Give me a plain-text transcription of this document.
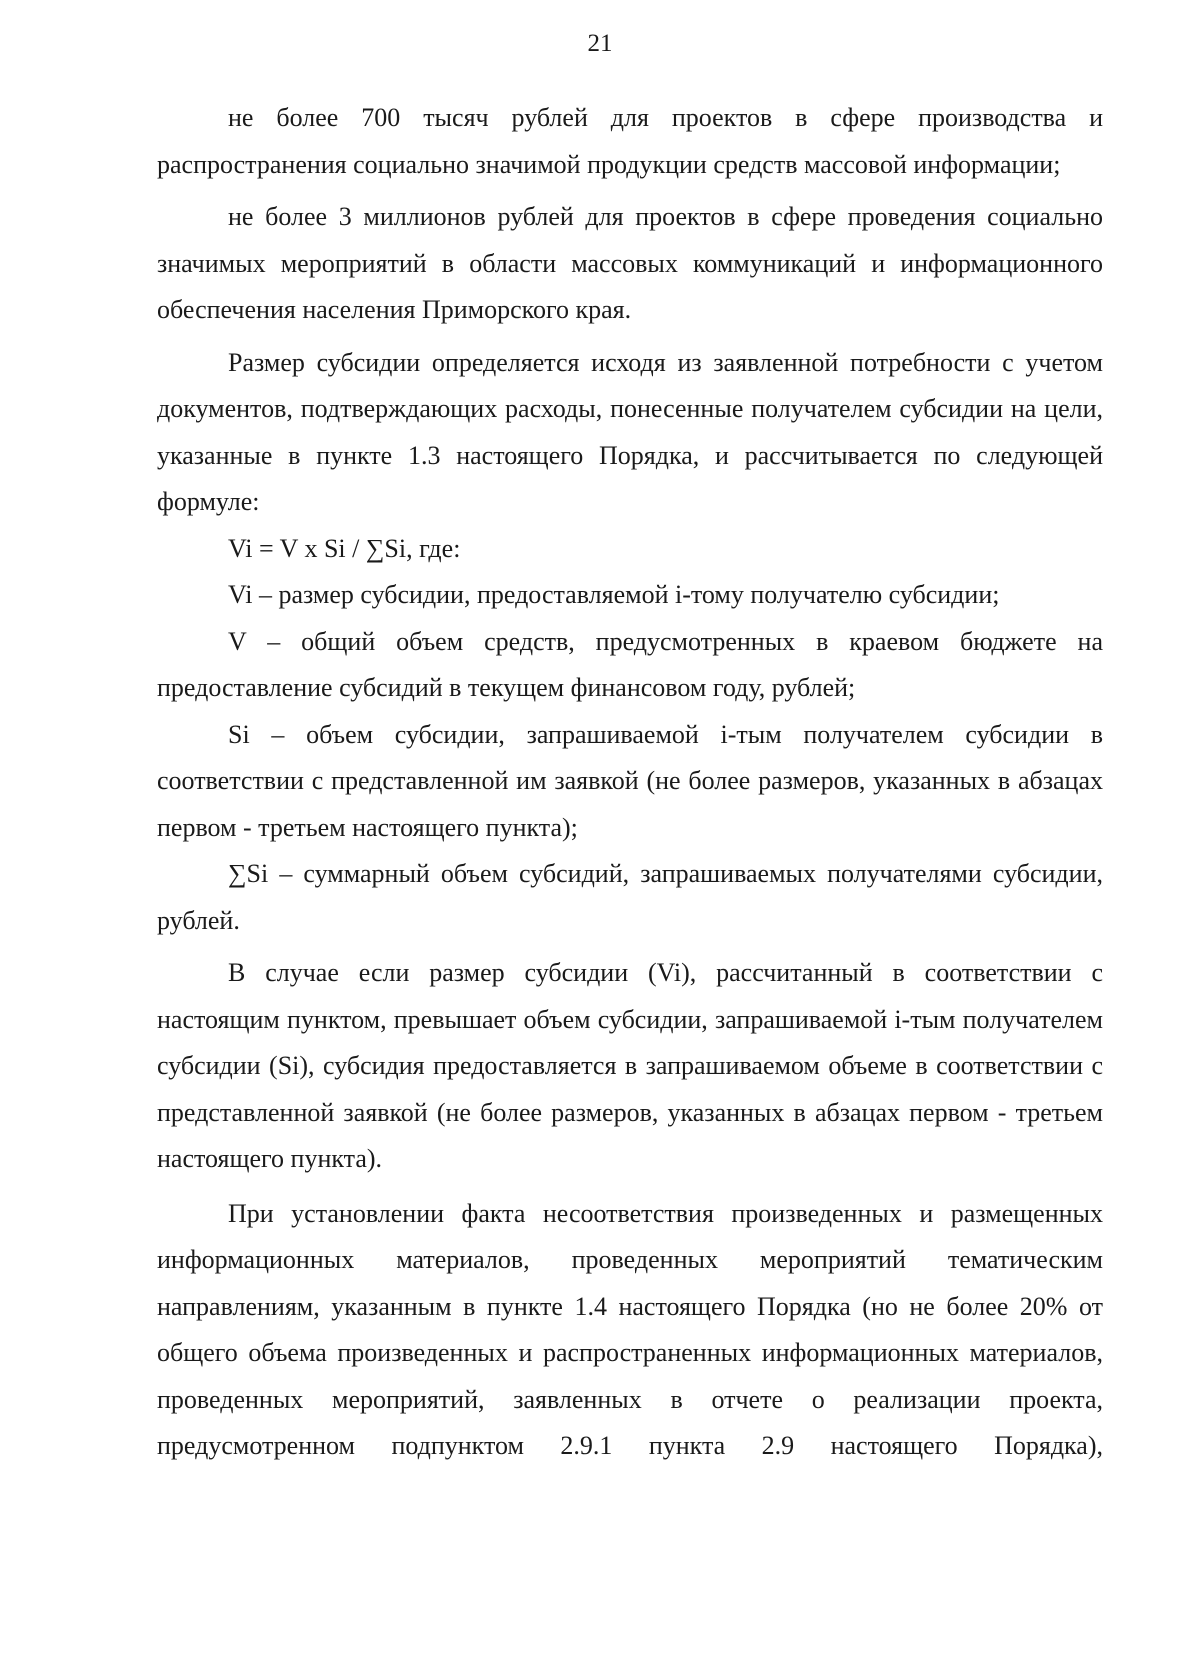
21

не более 700 тысяч рублей для проектов в сфере производства и распространения социально значимой продукции средств массовой информации;

не более 3 миллионов рублей для проектов в сфере проведения социально значимых мероприятий в области массовых коммуникаций и информационного обеспечения населения Приморского края.

Размер субсидии определяется исходя из заявленной потребности с учетом документов, подтверждающих расходы, понесенные получателем субсидии на цели, указанные в пункте 1.3 настоящего Порядка, и рассчитывается по следующей формуле:

Vi = V x Si / ∑Si, где:

Vi – размер субсидии, предоставляемой i-тому получателю субсидии;

V – общий объем средств, предусмотренных в краевом бюджете на предоставление субсидий в текущем финансовом году, рублей;

Si – объем субсидии, запрашиваемой i-тым получателем субсидии в соответствии с представленной им заявкой (не более размеров, указанных в абзацах первом - третьем настоящего пункта);

∑Si – суммарный объем субсидий, запрашиваемых получателями субсидии, рублей.

В случае если размер субсидии (Vi), рассчитанный в соответствии с настоящим пунктом, превышает объем субсидии, запрашиваемой i-тым получателем субсидии (Si), субсидия предоставляется в запрашиваемом объеме в соответствии с представленной заявкой (не более размеров, указанных в абзацах первом - третьем настоящего пункта).

При установлении факта несоответствия произведенных и размещенных информационных материалов, проведенных мероприятий тематическим направлениям, указанным в пункте 1.4 настоящего Порядка (но не более 20% от общего объема произведенных и распространенных информационных материалов, проведенных мероприятий, заявленных в отчете о реализации проекта, предусмотренном подпунктом 2.9.1 пункта 2.9 настоящего Порядка),
